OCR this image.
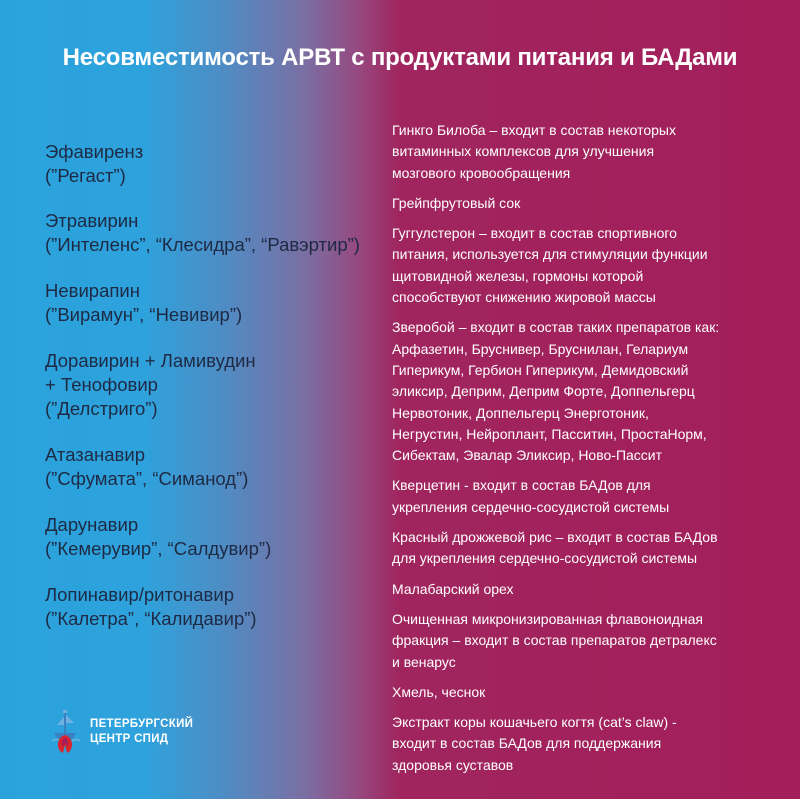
Несовместимость АРВТ с продуктами питания и БАДами
Эфавиренз
(”Регаст”)
Этравирин
(”Интеленс”, “Клесидра”, “Равэртир”)
Невирапин
(”Вирамун”, “Невивир”)
Доравирин + Ламивудин
+ Тенофовир
(”Делстриго”)
Атазанавир
(”Сфумата”, “Симанод”)
Дарунавир
(”Кемерувир”, “Салдувир”)
Лопинавир/ритонавир
(”Калетра”, “Калидавир”)
Гинкго Билоба – входит в состав некоторых
витаминных комплексов для улучшения
мозгового кровообращения
Грейпфрутовый сок
Гуггулстерон – входит в состав спортивного
питания, используется для стимуляции функции
щитовидной железы, гормоны которой
способствуют снижению жировой массы
Зверобой – входит в состав таких препаратов как:
Арфазетин, Бруснивер, Бруснилан, Гелариум
Гиперикум, Гербион Гиперикум, Демидовский
эликсир, Деприм, Деприм Форте, Доппельгерц
Нервотоник, Доппельгерц Энерготоник,
Негрустин, Нейроплант, Пасситин, ПростаНорм,
Сибектам, Эвалар Эликсир, Ново-Пассит
Кверцетин - входит в состав БАДов для
укрепления сердечно-сосудистой системы
Красный дрожжевой рис – входит в состав БАДов
для укрепления сердечно-сосудистой системы
Малабарский орех
Очищенная микронизированная флавоноидная
фракция – входит в состав препаратов детралекс
и венарус
Хмель, чеснок
Экстракт коры кошачьего когтя (cat’s claw) -
входит в состав БАДов для поддержания
здоровья суставов
ПЕТЕРБУРГСКИЙ
ЦЕНТР СПИД
